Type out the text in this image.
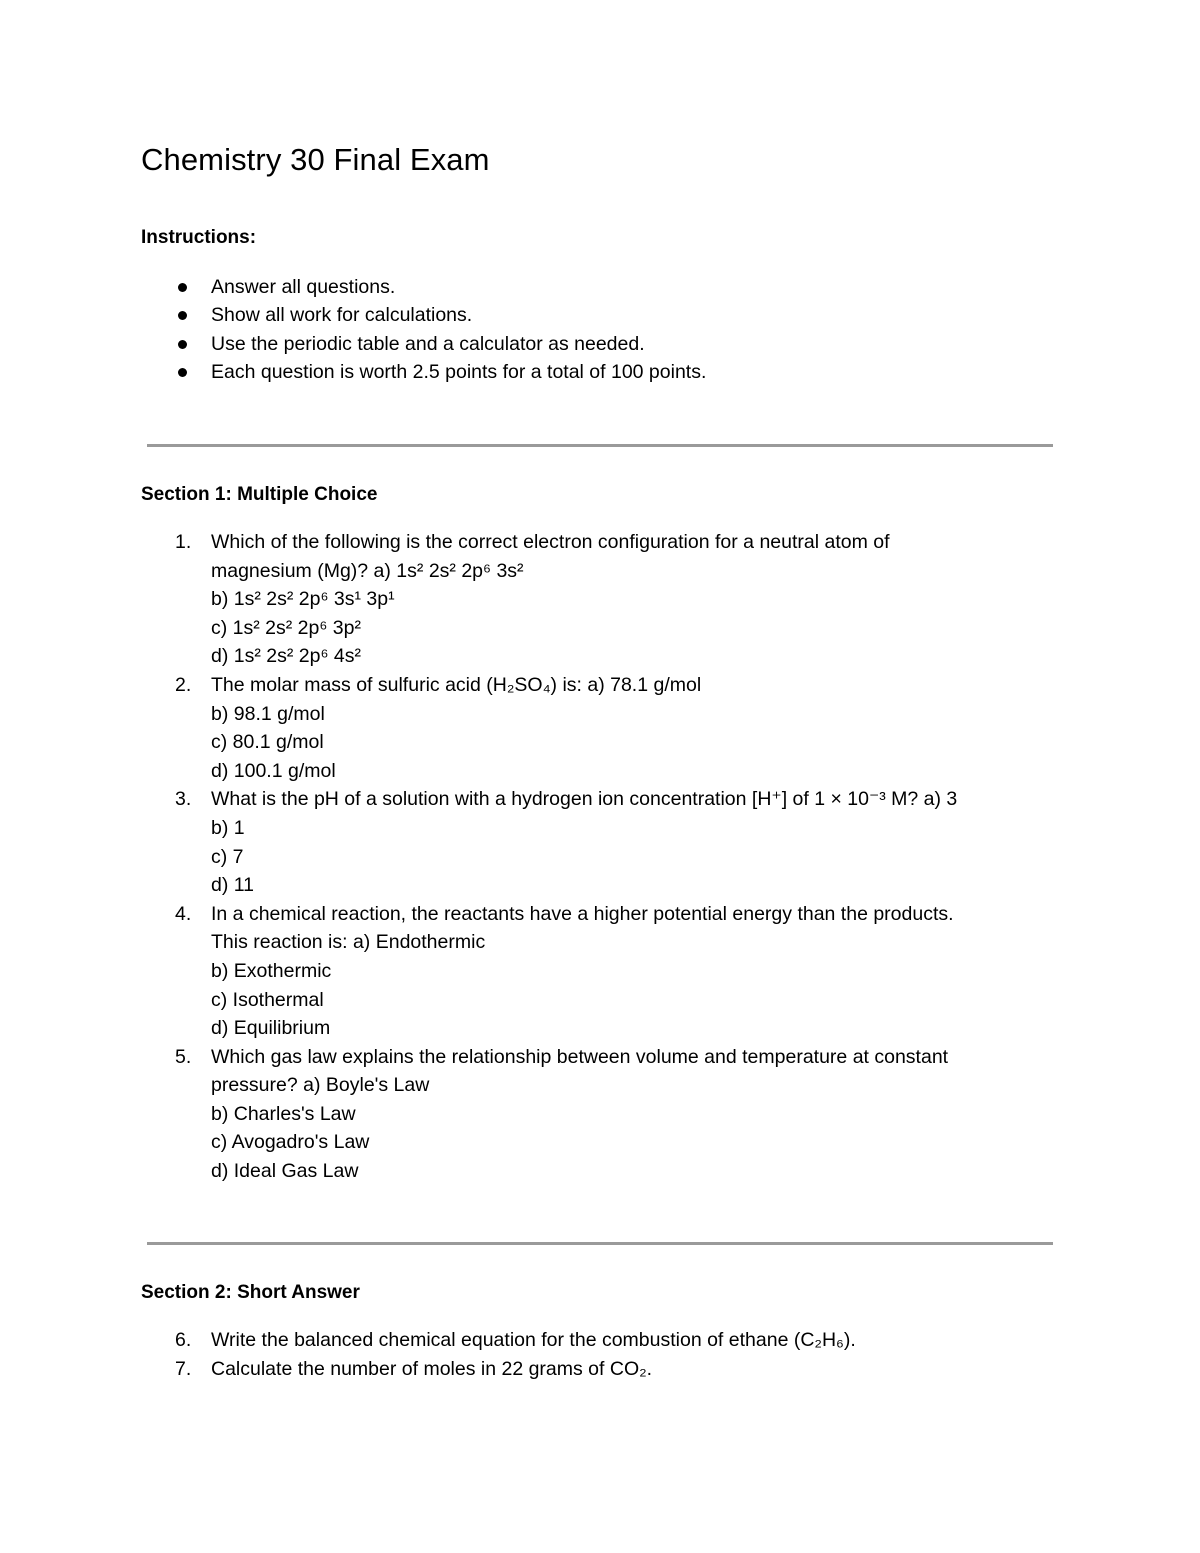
Chemistry 30 Final Exam
Instructions:
Answer all questions.
Show all work for calculations.
Use the periodic table and a calculator as needed.
Each question is worth 2.5 points for a total of 100 points.
Section 1: Multiple Choice
1. Which of the following is the correct electron configuration for a neutral atom of
magnesium (Mg)? a) 1s² 2s² 2p⁶ 3s²
b) 1s² 2s² 2p⁶ 3s¹ 3p¹
c) 1s² 2s² 2p⁶ 3p²
d) 1s² 2s² 2p⁶ 4s²
2. The molar mass of sulfuric acid (H₂SO₄) is: a) 78.1 g/mol
b) 98.1 g/mol
c) 80.1 g/mol
d) 100.1 g/mol
3. What is the pH of a solution with a hydrogen ion concentration [H⁺] of 1 × 10⁻³ M? a) 3
b) 1
c) 7
d) 11
4. In a chemical reaction, the reactants have a higher potential energy than the products.
This reaction is: a) Endothermic
b) Exothermic
c) Isothermal
d) Equilibrium
5. Which gas law explains the relationship between volume and temperature at constant
pressure? a) Boyle's Law
b) Charles's Law
c) Avogadro's Law
d) Ideal Gas Law
Section 2: Short Answer
6. Write the balanced chemical equation for the combustion of ethane (C₂H₆).
7. Calculate the number of moles in 22 grams of CO₂.
